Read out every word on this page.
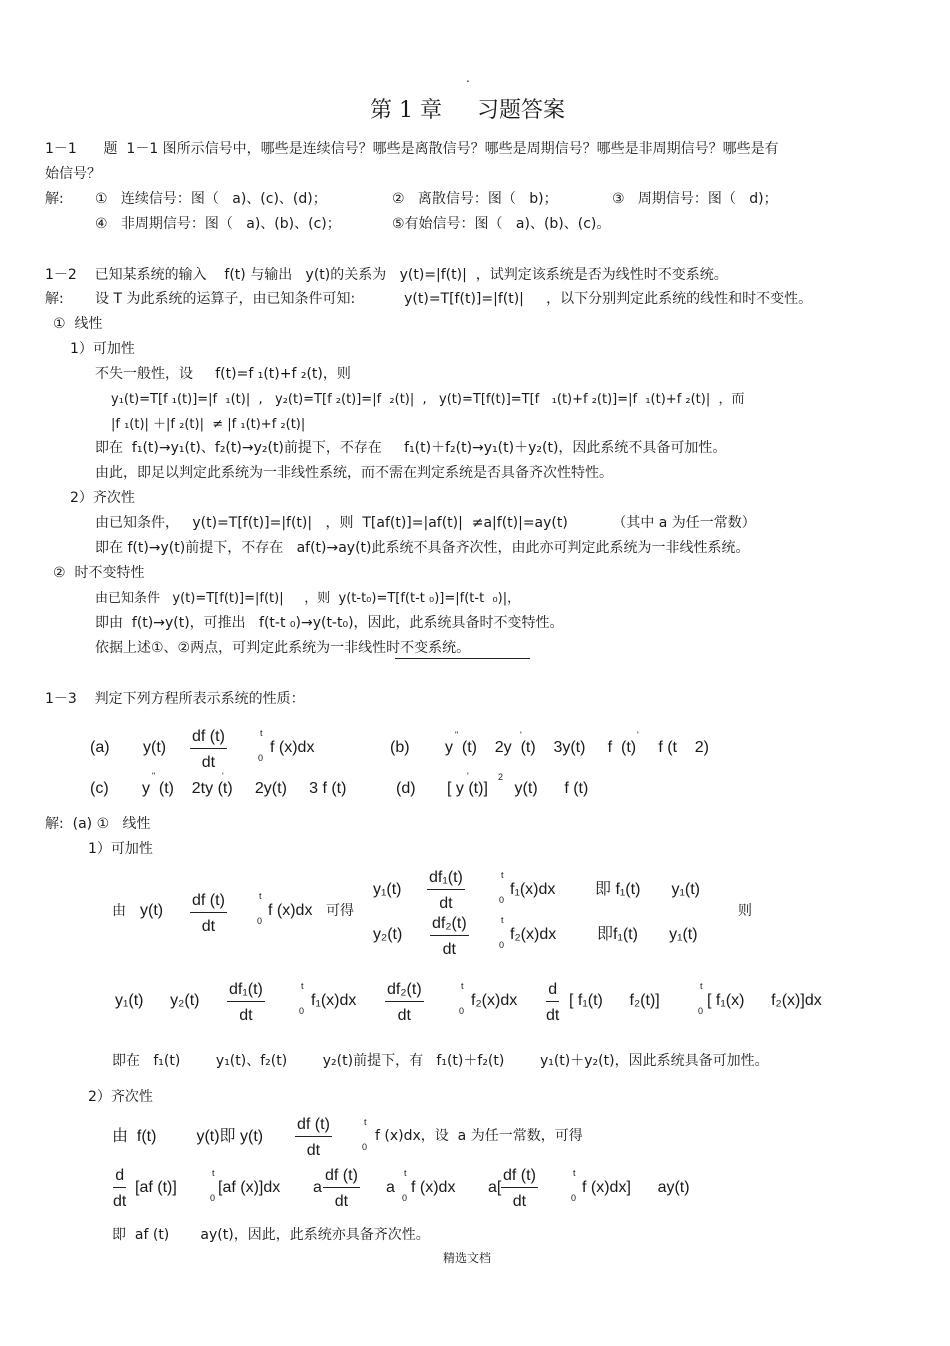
.
第 1 章     习题答案
1－1      题  1－1 图所示信号中，哪些是连续信号？哪些是离散信号？哪些是周期信号？哪些是非周期信号？哪些是有
始信号？
解: ①   连续信号：图（   a)、(c)、(d)；	②   离散信号：图（   b)；	③   周期信号：图（   d)；
④   非周期信号：图（   a)、(b)、(c)；	⑤有始信号：图（   a)、(b)、(c)。
1－2    已知某系统的输入    f(t) 与输出   y(t)的关系为   y(t)=|f(t)|  ，试判定该系统是否为线性时不变系统。
解: 设 T 为此系统的运算子，由已知条件可知:           y(t)=T[f(t)]=|f(t)|     ，以下分别判定此系统的线性和时不变性。
①  线性
1）可加性
不失一般性，设     f(t)=f ₁(t)+f ₂(t)，则
y₁(t)=T[f ₁(t)]=|f  ₁(t)|  ,   y₂(t)=T[f ₂(t)]=|f  ₂(t)|  ,   y(t)=T[f(t)]=T[f   ₁(t)+f ₂(t)]=|f  ₁(t)+f ₂(t)|  ，而
|f ₁(t)| ＋|f ₂(t)|  ≠ |f ₁(t)+f ₂(t)|
即在  f₁(t)→y₁(t)、f₂(t)→y₂(t)前提下，不存在     f₁(t)＋f₂(t)→y₁(t)＋y₂(t)，因此系统不具备可加性。
由此，即足以判定此系统为一非线性系统，而不需在判定系统是否具备齐次性特性。
2）齐次性
由已知条件，   y(t)=T[f(t)]=|f(t)|   ，则  T[af(t)]=|af(t)|  ≠a|f(t)|=ay(t)          （其中 a 为任一常数）
即在 f(t)→y(t)前提下，不存在   af(t)→ay(t)此系统不具备齐次性，由此亦可判定此系统为一非线性系统。
②  时不变特性
由已知条件   y(t)=T[f(t)]=|f(t)|     ，则  y(t-t₀)=T[f(t-t ₀)]=|f(t-t  ₀)|，
即由  f(t)→y(t)，可推出   f(t-t ₀)→y(t-t₀)，因此，此系统具备时不变特性。
依据上述①、②两点，可判定此系统为一非线性时不变系统。
1－3    判定下列方程所表示系统的性质：
(a) $y(t) \frac{df (t)}{dt}$	t
0
f (x)dx	(b) y  (t)    2y  (t)    3y(t)     f  (t)     f (t    2)
"	'	'
(c) y  (t)    2ty (t)     2y(t)     3 f (t)
"	'
(d) [ y (t)]      y(t)      f (t)
'	2
解:  (a) ①   线性
1）可加性
由 $y(t) \frac{df (t)}{dt}$	t
0
f (x)dx 可得
$y_1(t) \frac{\text{df₁(t)}}{dt}$	t
0
f₁(x)dx 即 f₁(t)       y₁(t)
$y_2(t) \frac{\text{df₂(t)}}{dt}$	t
0
f₂(x)dx	即f₁(t)       y₁(t)
则
y₁(t)      $y_2(t) \frac{\text{df₁(t)}}{dt}$	t
0
$f_1(x)dx \frac{\text{df₂(t)}}{dt}$	t
0
$f_2(x)dx \frac{d}{dt}$ [ f₁(t)      f₂(t)]
t
0
[ f₁(x)      f₂(x)]dx
即在   f₁(t)        y₁(t)、f₂(t)        y₂(t)前提下，有   f₁(t)＋f₂(t)        y₁(t)＋y₂(t)，因此系统具备可加性。
2）齐次性
由  f(t)         y(t)即 $y(t) \frac{df (t)}{dt}$	t
0
f (x)dx，设  a 为任一常数，可得
$\frac{d}{dt} [af$ (t)]
t
0
[af (x)]dx a $\frac{df (t)}{dt}$ a
t
0
f (x)dx $a[ \frac{df (t)}{dt}$	t
0
f (x)dx]      ay(t)
即  af (t)       ay(t)，因此，此系统亦具备齐次性。
精选文档
